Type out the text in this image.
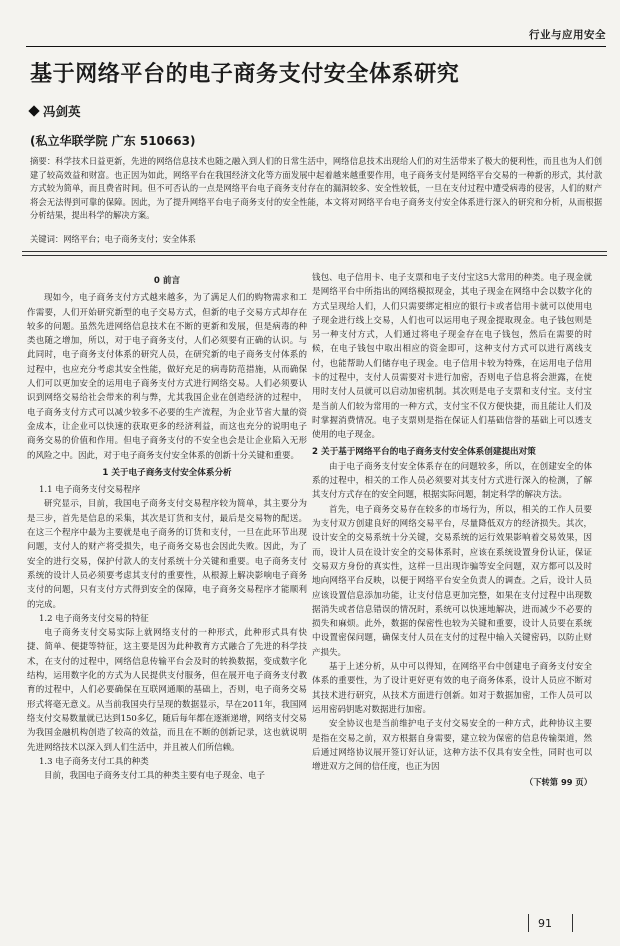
行业与应用安全
基于网络平台的电子商务支付安全体系研究
冯剑英
(私立华联学院 广东 510663)
摘要：科学技术日益更新，先进的网络信息技术也随之融入到人们的日常生活中，网络信息技术出现给人们的对生活带来了极大的便利性，而且也为人们创建了较高效益和财富。也正因为如此，网络平台在我国经济文化等方面发展中起着越来越重要作用，电子商务支付是网络平台交易的一种新的形式，其付款方式较为简单，而且费省时间。但不可否认的一点是网络平台电子商务支付存在的漏洞较多、安全性较低，一旦在支付过程中遭受病毒的侵害，人们的财产将会无法得到可靠的保障。因此，为了提升网络平台电子商务支付的安全性能，本文将对网络平台电子商务支付安全体系进行深入的研究和分析，从而根据分析结果，提出科学的解决方案。
关键词：网络平台；电子商务支付；安全体系
0 前言

现如今，电子商务支付方式越来越多，为了满足人们的购物需求和工作需要，人们开始研究新型的电子交易方式，但新的电子交易方式却存在较多的问题。虽然先进网络信息技术在不断的更新和发展，但是病毒的种类也随之增加，所以，对于电子商务支付，人们必须要有正确的认识。与此同时，电子商务支付体系的研究人员，在研究新的电子商务支付体系的过程中，也应充分考虑其安全性能，做好充足的病毒防范措施，从而确保人们可以更加安全的运用电子商务支付方式进行网络交易。人们必须要认识到网络交易给社会带来的利与弊，尤其我国企业在创造经济的过程中，电子商务支付方式可以减少较多不必要的生产流程，为企业节省大量的资金成本，让企业可以快速的获取更多的经济利益，而这也充分的说明电子商务交易的价值和作用。但电子商务支付的不安全也会是让企业陷入无形的风险之中。因此，对于电子商务支付安全体系的创新十分关键和重要。

1 关于电子商务支付安全体系分析
1.1 电子商务支付交易程序

研究显示，目前，我国电子商务支付交易程序较为简单，其主要分为是三步，首先是信息的采集，其次是订货和支付，最后是交易物的配送。在这三个程序中最为主要就是电子商务的订货和支付，一旦在此环节出现问题，支付人的财产将受损失，电子商务交易也会因此失败。因此，为了安全的进行交易，保护付款人的支付系统十分关键和重要。电子商务支付系统的设计人员必须要考虑其支付的重要性，从根源上解决影响电子商务支付的问题，只有支付方式得到安全的保障，电子商务交易程序才能顺利的完成。

1.2 电子商务支付交易的特征

电子商务支付交易实际上就网络支付的一种形式，此种形式具有快捷、简单、便捷等特征，这主要是因为此种教育方式融合了先进的科学技术，在支付的过程中，网络信息传输平台会及时的转换数据，变成数字化结构，运用数字化的方式为人民提供支付服务，但在展开电子商务支付教育的过程中，人们必要确保在互联网通顺的基础上，否则，电子商务交易形式将毫无意义。从当前我国央行呈现的数据显示，早在2011年，我国网络支付交易数量就已达到150多亿，随后每年都在逐渐递增，网络支付交易为我国金融机构创造了较高的效益，而且在不断的创新记录，这也就说明先进网络技术以深入到人们生活中，并且被人们所信赖。

1.3 电子商务支付工具的种类

目前，我国电子商务支付工具的种类主要有电子现金、电子

钱包、电子信用卡、电子支票和电子支付宝这5大常用的种类。电子现金就是网络平台中所指出的网络模拟现金，其电子现金在网络中会以数字化的方式呈现给人们，人们只需要绑定相应的银行卡或者信用卡就可以使用电子现金进行线上交易，人们也可以运用电子现金提取现金。电子钱包则是另一种支付方式，人们通过将电子现金存在电子钱包，然后在需要的时候，在电子钱包中取出相应的资金即可，这种支付方式可以进行离线支付，也能帮助人们储存电子现金。电子信用卡较为特殊，在运用电子信用卡的过程中，支付人员需要对卡进行加密，否则电子信息将会泄露，在使用时支付人员就可以启动加密机制。其次则是电子支票和支付宝。支付宝是当前人们较为常用的一种方式，支付宝不仅方便快捷，而且能让人们及时掌握消费情况。电子支票则是指在保证人们基础信誉的基础上可以透支使用的电子现金。

2 关于基于网络平台的电子商务支付安全体系创建提出对策

由于电子商务支付安全体系存在的问题较多，所以，在创建安全的体系的过程中，相关的工作人员必须要对其支付方式进行深入的检测，了解其支付方式存在的安全问题，根据实际问题，制定科学的解决方法。

首先，电子商务交易存在较多的市场行为，所以，相关的工作人员要为支付双方创建良好的网络交易平台，尽量降低双方的经济损失。其次，设计安全的交易系统十分关键，交易系统的运行效果影响着交易效果，因而，设计人员在设计安全的交易体系时，应该在系统设置身份认证，保证交易双方身份的真实性，这样一旦出现诈骗等安全问题，双方都可以及时地向网络平台反映，以便于网络平台安全负责人的调查。之后，设计人员应该设置信息添加功能，让支付信息更加完整，如果在支付过程中出现数据消失或者信息错误的情况时，系统可以快速地解决，进而减少不必要的损失和麻烦。此外，数据的保密性也较为关键和重要，设计人员要在系统中设置密保问题，确保支付人员在支付的过程中输入关键密码，以防止财产损失。

基于上述分析，从中可以得知，在网络平台中创建电子商务支付安全体系的重要性，为了设计更好更有效的电子商务体系，设计人员应不断对其技术进行研究，从技术方面进行创新。如对于数据加密，工作人员可以运用密码钥匙对数据进行加密。

安全协议也是当前维护电子支付交易安全的一种方式，此种协议主要是指在交易之前，双方根据自身需要，建立较为保密的信息传输渠道，然后通过网络协议展开签订好认证，这种方法不仅具有安全性，同时也可以增进双方之间的信任度，也正为因

（下转第 99 页）
91
